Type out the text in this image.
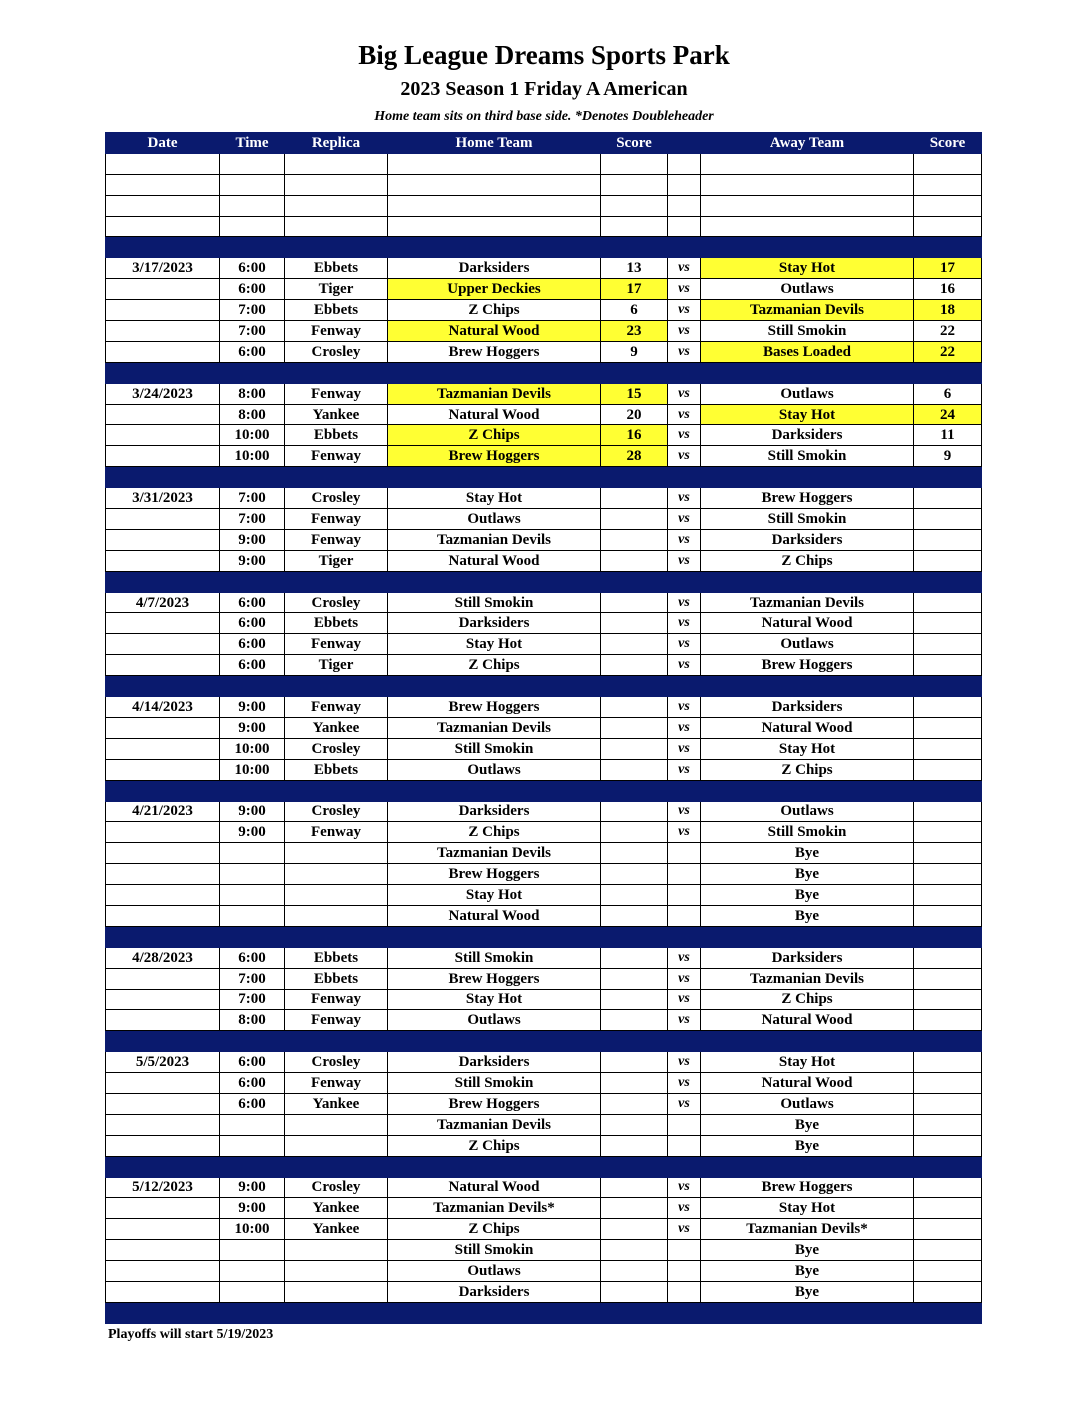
Big League Dreams Sports Park
2023 Season 1 Friday A American
Home team sits on third base side. *Denotes Doubleheader
Date	Time	Replica	Home Team	Score		Away Team	Score

3/17/2023	6:00	Ebbets	Darksiders	13	vs	Stay Hot	17
	6:00	Tiger	Upper Deckies	17	vs	Outlaws	16
	7:00	Ebbets	Z Chips	6	vs	Tazmanian Devils	18
	7:00	Fenway	Natural Wood	23	vs	Still Smokin	22
	6:00	Crosley	Brew Hoggers	9	vs	Bases Loaded	22

3/24/2023	8:00	Fenway	Tazmanian Devils	15	vs	Outlaws	6
	8:00	Yankee	Natural Wood	20	vs	Stay Hot	24
	10:00	Ebbets	Z Chips	16	vs	Darksiders	11
	10:00	Fenway	Brew Hoggers	28	vs	Still Smokin	9

3/31/2023	7:00	Crosley	Stay Hot		vs	Brew Hoggers	
	7:00	Fenway	Outlaws		vs	Still Smokin	
	9:00	Fenway	Tazmanian Devils		vs	Darksiders	
	9:00	Tiger	Natural Wood		vs	Z Chips	

4/7/2023	6:00	Crosley	Still Smokin		vs	Tazmanian Devils	
	6:00	Ebbets	Darksiders		vs	Natural Wood	
	6:00	Fenway	Stay Hot		vs	Outlaws	
	6:00	Tiger	Z Chips		vs	Brew Hoggers	

4/14/2023	9:00	Fenway	Brew Hoggers		vs	Darksiders	
	9:00	Yankee	Tazmanian Devils		vs	Natural Wood	
	10:00	Crosley	Still Smokin		vs	Stay Hot	
	10:00	Ebbets	Outlaws		vs	Z Chips	

4/21/2023	9:00	Crosley	Darksiders		vs	Outlaws	
	9:00	Fenway	Z Chips		vs	Still Smokin	
			Tazmanian Devils			Bye	
			Brew Hoggers			Bye	
			Stay Hot			Bye	
			Natural Wood			Bye	

4/28/2023	6:00	Ebbets	Still Smokin		vs	Darksiders	
	7:00	Ebbets	Brew Hoggers		vs	Tazmanian Devils	
	7:00	Fenway	Stay Hot		vs	Z Chips	
	8:00	Fenway	Outlaws		vs	Natural Wood	

5/5/2023	6:00	Crosley	Darksiders		vs	Stay Hot	
	6:00	Fenway	Still Smokin		vs	Natural Wood	
	6:00	Yankee	Brew Hoggers		vs	Outlaws	
			Tazmanian Devils			Bye	
			Z Chips			Bye	

5/12/2023	9:00	Crosley	Natural Wood		vs	Brew Hoggers	
	9:00	Yankee	Tazmanian Devils*		vs	Stay Hot	
	10:00	Yankee	Z Chips		vs	Tazmanian Devils*	
			Still Smokin			Bye	
			Outlaws			Bye	
			Darksiders			Bye	

Playoffs will start 5/19/2023
